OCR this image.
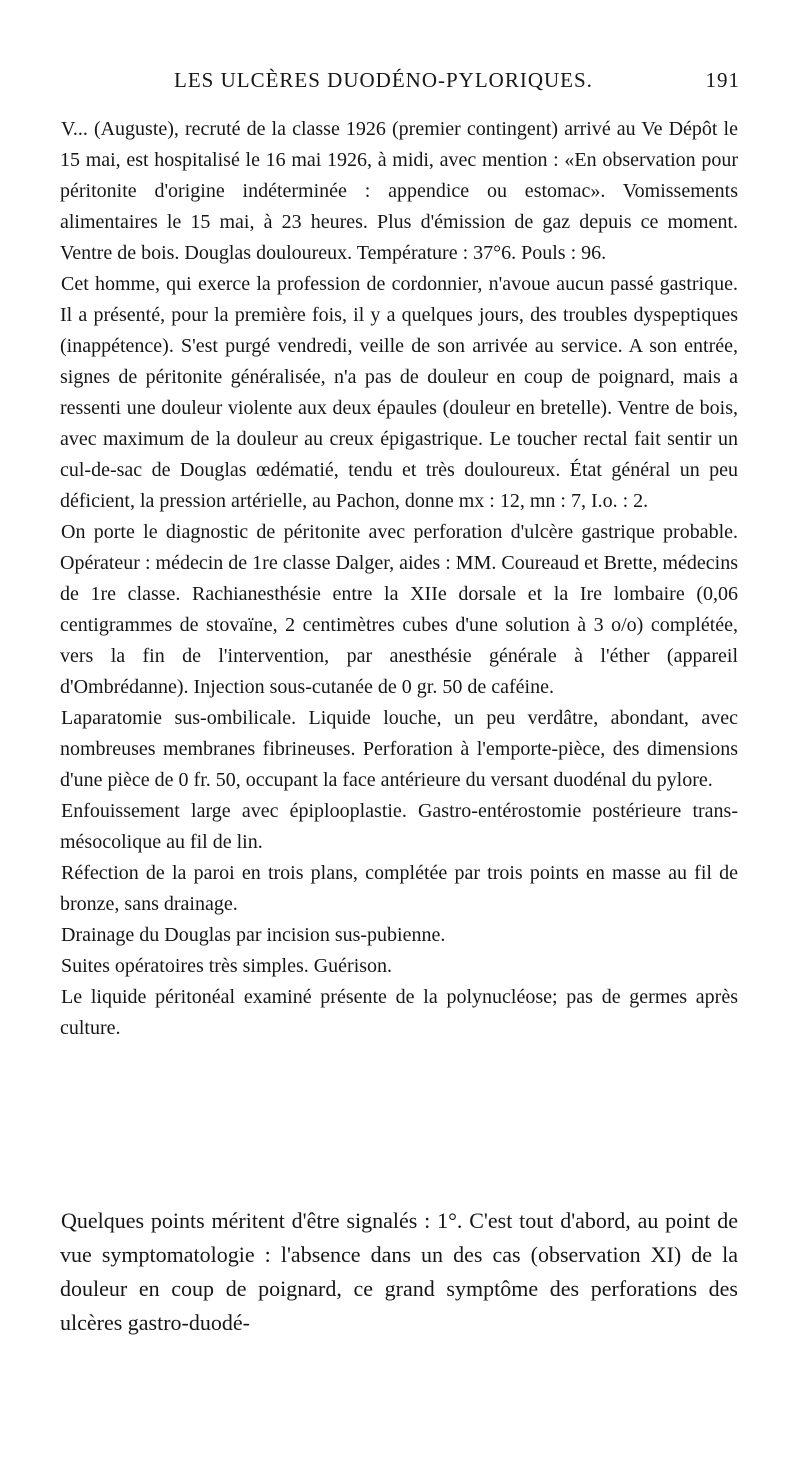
LES ULCÈRES DUODÉNO-PYLORIQUES.	191

V... (Auguste), recruté de la classe 1926 (premier contingent) arrivé au Ve Dépôt le 15 mai, est hospitalisé le 16 mai 1926, à midi, avec mention : «En observation pour péritonite d'origine indéterminée : appendice ou estomac». Vomissements alimentaires le 15 mai, à 23 heures. Plus d'émission de gaz depuis ce moment. Ventre de bois. Douglas douloureux. Température : 37°6. Pouls : 96.

Cet homme, qui exerce la profession de cordonnier, n'avoue aucun passé gastrique. Il a présenté, pour la première fois, il y a quelques jours, des troubles dyspeptiques (inappétence). S'est purgé vendredi, veille de son arrivée au service. A son entrée, signes de péritonite généralisée, n'a pas de douleur en coup de poignard, mais a ressenti une douleur violente aux deux épaules (douleur en bretelle). Ventre de bois, avec maximum de la douleur au creux épigastrique. Le toucher rectal fait sentir un cul-de-sac de Douglas œdématié, tendu et très douloureux. État général un peu déficient, la pression artérielle, au Pachon, donne mx : 12, mn : 7, I.o. : 2.

On porte le diagnostic de péritonite avec perforation d'ulcère gastrique probable. Opérateur : médecin de 1re classe Dalger, aides : MM. Coureaud et Brette, médecins de 1re classe. Rachianesthésie entre la XIIe dorsale et la Ire lombaire (0,06 centigrammes de stovaïne, 2 centimètres cubes d'une solution à 3 o/o) complétée, vers la fin de l'intervention, par anesthésie générale à l'éther (appareil d'Ombrédanne). Injection sous-cutanée de 0 gr. 50 de caféine.

Laparatomie sus-ombilicale. Liquide louche, un peu verdâtre, abondant, avec nombreuses membranes fibrineuses. Perforation à l'emporte-pièce, des dimensions d'une pièce de 0 fr. 50, occupant la face antérieure du versant duodénal du pylore.

Enfouissement large avec épiplooplastie. Gastro-entérostomie postérieure trans-mésocolique au fil de lin.

Réfection de la paroi en trois plans, complétée par trois points en masse au fil de bronze, sans drainage.

Drainage du Douglas par incision sus-pubienne.

Suites opératoires très simples. Guérison.

Le liquide péritonéal examiné présente de la polynucléose; pas de germes après culture.

Quelques points méritent d'être signalés : 1°. C'est tout d'abord, au point de vue symptomatologie : l'absence dans un des cas (observation XI) de la douleur en coup de poignard, ce grand symptôme des perforations des ulcères gastro-duodé-
